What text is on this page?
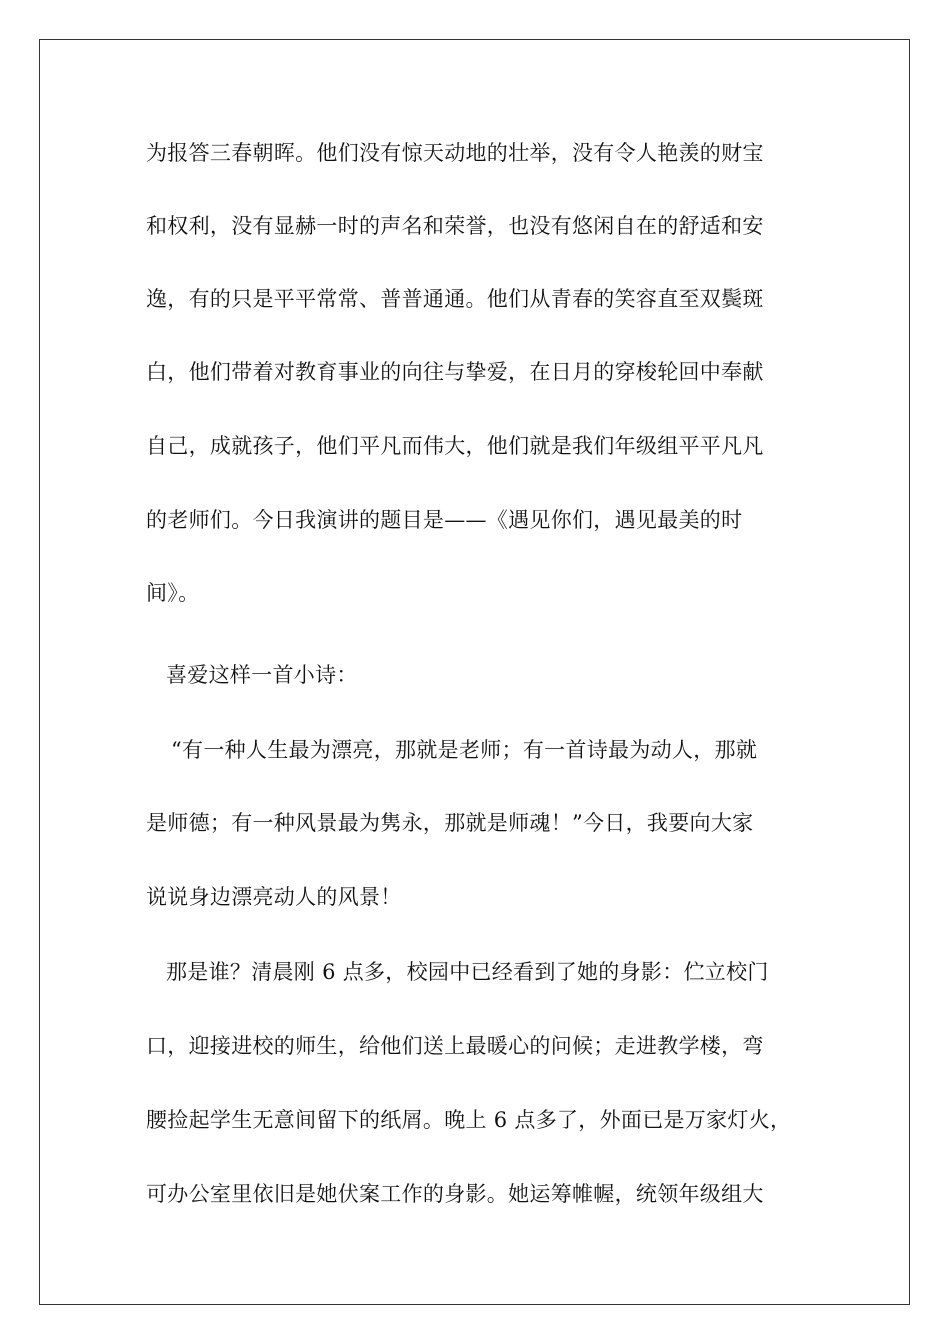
为报答三春朝晖。他们没有惊天动地的壮举，没有令人艳羡的财宝
和权利，没有显赫一时的声名和荣誉，也没有悠闲自在的舒适和安
逸，有的只是平平常常、普普通通。他们从青春的笑容直至双鬓斑
白，他们带着对教育事业的向往与挚爱，在日月的穿梭轮回中奉献
自己，成就孩子，他们平凡而伟大，他们就是我们年级组平平凡凡
的老师们。今日我演讲的题目是——《遇见你们，遇见最美的时
间》。
喜爱这样一首小诗：
“有一种人生最为漂亮，那就是老师；有一首诗最为动人，那就
是师德；有一种风景最为隽永，那就是师魂！”今日，我要向大家
说说身边漂亮动人的风景！
那是谁？清晨刚 6 点多，校园中已经看到了她的身影：伫立校门
口，迎接进校的师生，给他们送上最暖心的问候；走进教学楼，弯
腰捡起学生无意间留下的纸屑。晚上 6 点多了，外面已是万家灯火，
可办公室里依旧是她伏案工作的身影。她运筹帷幄，统领年级组大
